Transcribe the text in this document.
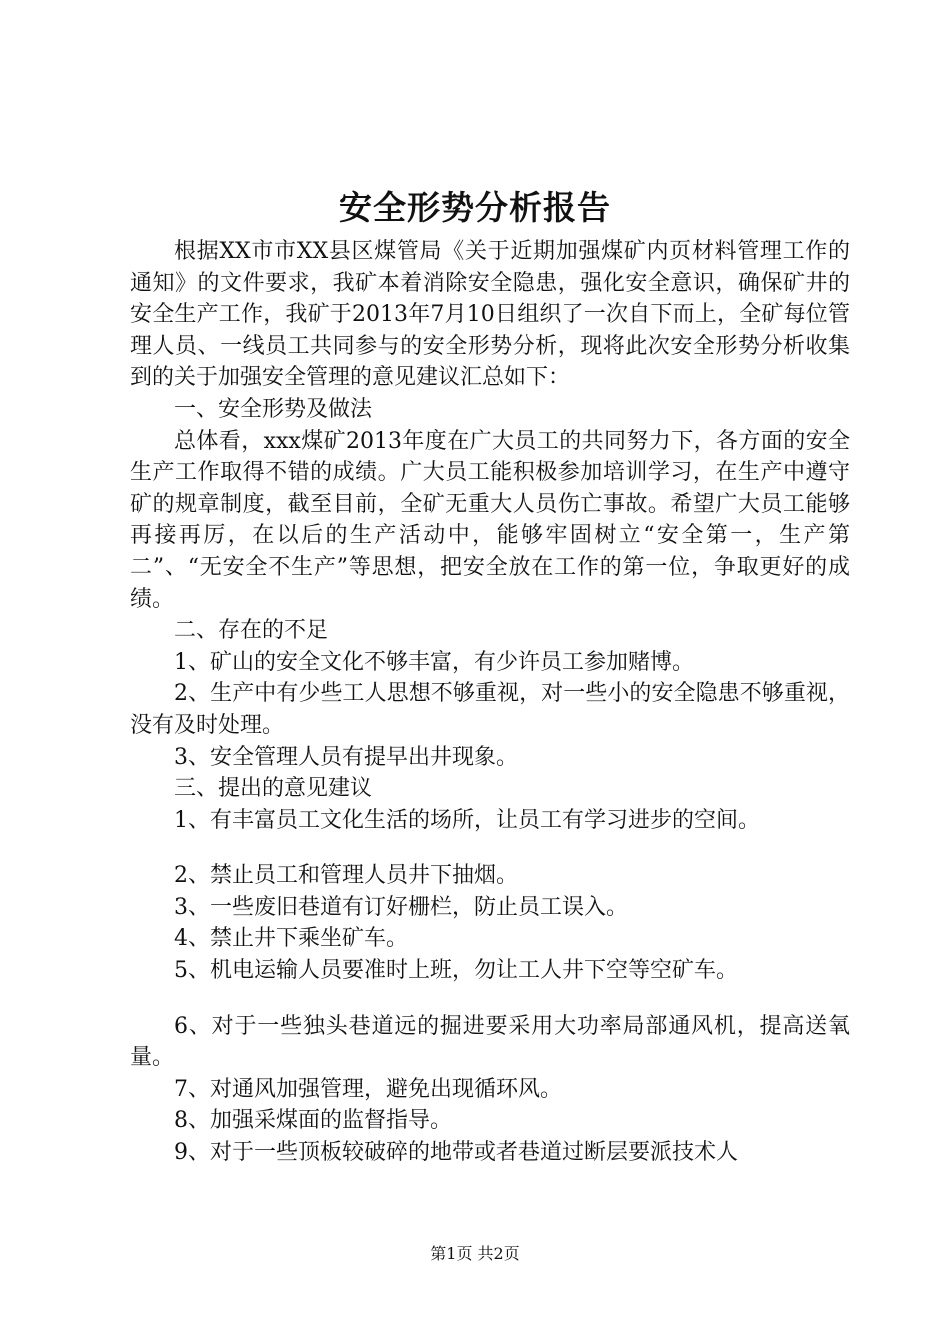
安全形势分析报告

根据XX市市XX县区煤管局《关于近期加强煤矿内页材料管理工作的通知》的文件要求，我矿本着消除安全隐患，强化安全意识，确保矿井的安全生产工作，我矿于2013年7月10日组织了一次自下而上，全矿每位管理人员、一线员工共同参与的安全形势分析，现将此次安全形势分析收集到的关于加强安全管理的意见建议汇总如下：

一、安全形势及做法

总体看，xxx煤矿2013年度在广大员工的共同努力下，各方面的安全生产工作取得不错的成绩。广大员工能积极参加培训学习，在生产中遵守矿的规章制度，截至目前，全矿无重大人员伤亡事故。希望广大员工能够再接再厉，在以后的生产活动中，能够牢固树立“安全第一，生产第二”、“无安全不生产”等思想，把安全放在工作的第一位，争取更好的成绩。

二、存在的不足

1、矿山的安全文化不够丰富，有少许员工参加赌博。

2、生产中有少些工人思想不够重视，对一些小的安全隐患不够重视，没有及时处理。

3、安全管理人员有提早出井现象。

三、提出的意见建议

1、有丰富员工文化生活的场所，让员工有学习进步的空间。

2、禁止员工和管理人员井下抽烟。

3、一些废旧巷道有订好栅栏，防止员工误入。

4、禁止井下乘坐矿车。

5、机电运输人员要准时上班，勿让工人井下空等空矿车。

6、对于一些独头巷道远的掘进要采用大功率局部通风机，提高送氧量。

7、对通风加强管理，避免出现循环风。

8、加强采煤面的监督指导。

9、对于一些顶板较破碎的地带或者巷道过断层要派技术人

第1页 共2页
